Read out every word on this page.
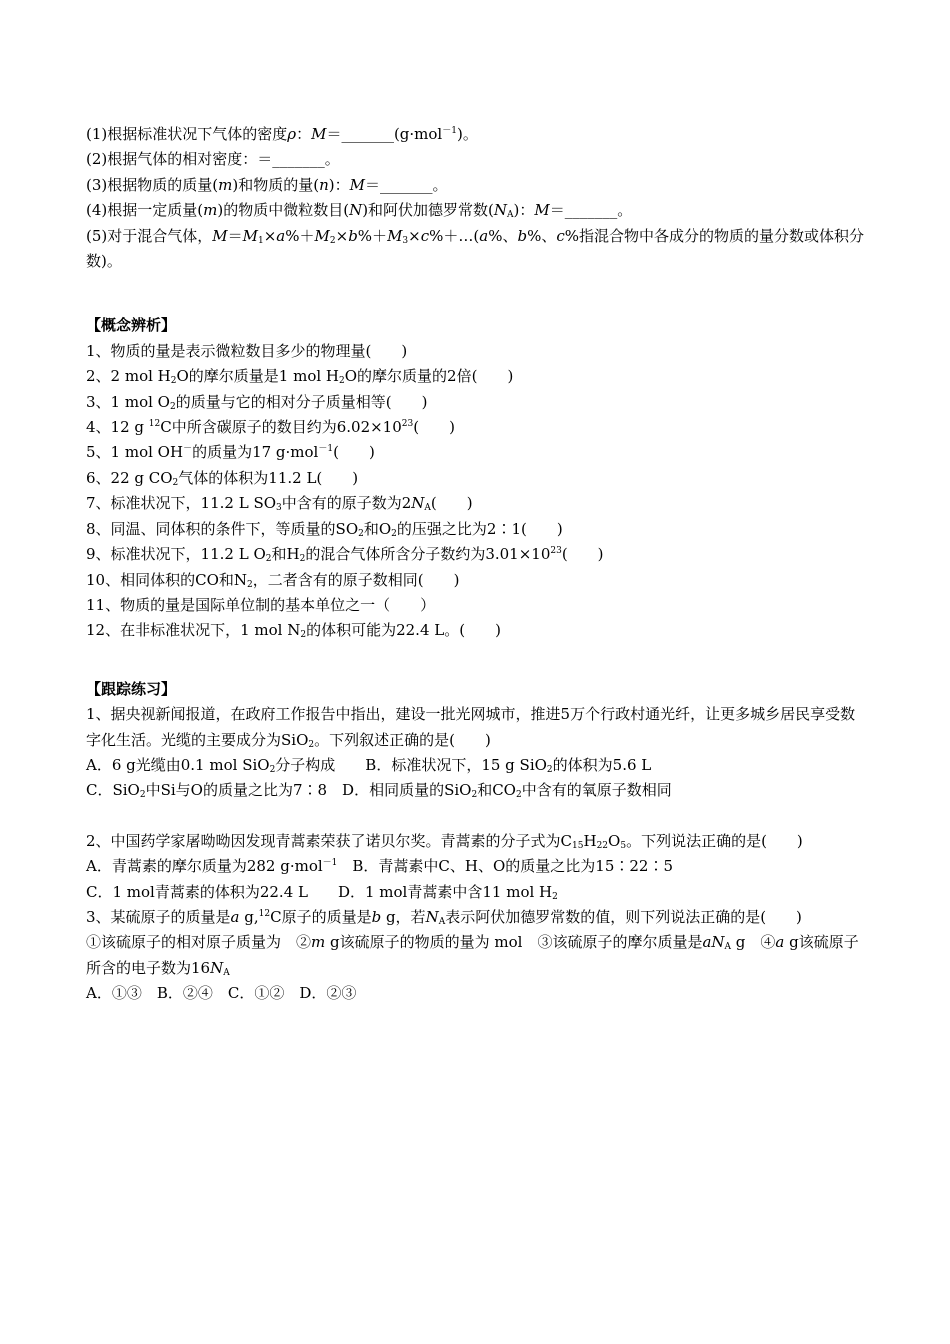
(1)根据标准状况下气体的密度ρ：M＝_______(g·mol$^{-1}$)。
(2)根据气体的相对密度：＝_______。
(3)根据物质的质量(m)和物质的量(n)：M＝_______。
(4)根据一定质量(m)的物质中微粒数目(N)和阿伏加德罗常数$(N_A)$：M＝_______。
(5)对于混合气体，$M=M_1\times a\%+M_2\times b\%+M_3\times c\%+\dots(a\%$、b%、c%指混合物中各成分的物质的量分数或体积分数)。
【概念辨析】
1、物质的量是表示微粒数目多少的物理量(　　)
2、2 mol $H_2O$的摩尔质量是1 mol $H_2O$的摩尔质量的2倍(　　)
3、1 mol $O_2$的质量与它的相对分子质量相等(　　)
4、12 g $^{12}$C中所含碳原子的数目约为$6.02\times 10^{23}$(　　)
5、1 mol OH－的质量为17 g·mol$^{-1}$(　　)
6、22 g $CO_2$气体的体积为11.2 L(　　)
7、标准状况下，11.2 L $SO_3$中含有的原子数为$2N_A$(　　)
8、同温、同体积的条件下，等质量的$SO_2$和$O_2$的压强之比为2∶1(　　)
9、标准状况下，11.2 L $O_2$和$H_2$的混合气体所含分子数约为$3.01\times 10^{23}$(　　)
10、相同体积的CO和$N_2$，二者含有的原子数相同(　　)
11、物质的量是国际单位制的基本单位之一（　　）
12、在非标准状况下，1 mol $N_2$的体积可能为22.4 L。(　　)
【跟踪练习】
1、据央视新闻报道，在政府工作报告中指出，建设一批光网城市，推进5万个行政村通光纤，让更多城乡居民享受数字化生活。光缆的主要成分为SiO$_2$。下列叙述正确的是(　　)
A．6 g光缆由0.1 mol SiO$_2$分子构成　　B．标准状况下，15 g SiO$_2$的体积为5.6 L
C．SiO$_2$中Si与O的质量之比为7∶8　D．相同质量的SiO$_2$和$CO_2$中含有的氧原子数相同
2、中国药学家屠呦呦因发现青蒿素荣获了诺贝尔奖。青蒿素的分子式为$C_{15}H_{22}O_5$。下列说法正确的是(　　)
A．青蒿素的摩尔质量为282 g·mol$^{-1}$　B．青蒿素中C、H、O的质量之比为15∶22∶5
C．1 mol青蒿素的体积为22.4 L　　D．1 mol青蒿素中含11 mol $H_2$
3、某硫原子的质量是a g,$^{12}$C原子的质量是b g，若$N_A$表示阿伏加德罗常数的值，则下列说法正确的是(　　)
①该硫原子的相对原子质量为　②m g该硫原子的物质的量为 mol　③该硫原子的摩尔质量是$aN_A$ g　④a g该硫原子所含的电子数为$16N_A$
A．①③　B．②④　C．①②　D．②③
